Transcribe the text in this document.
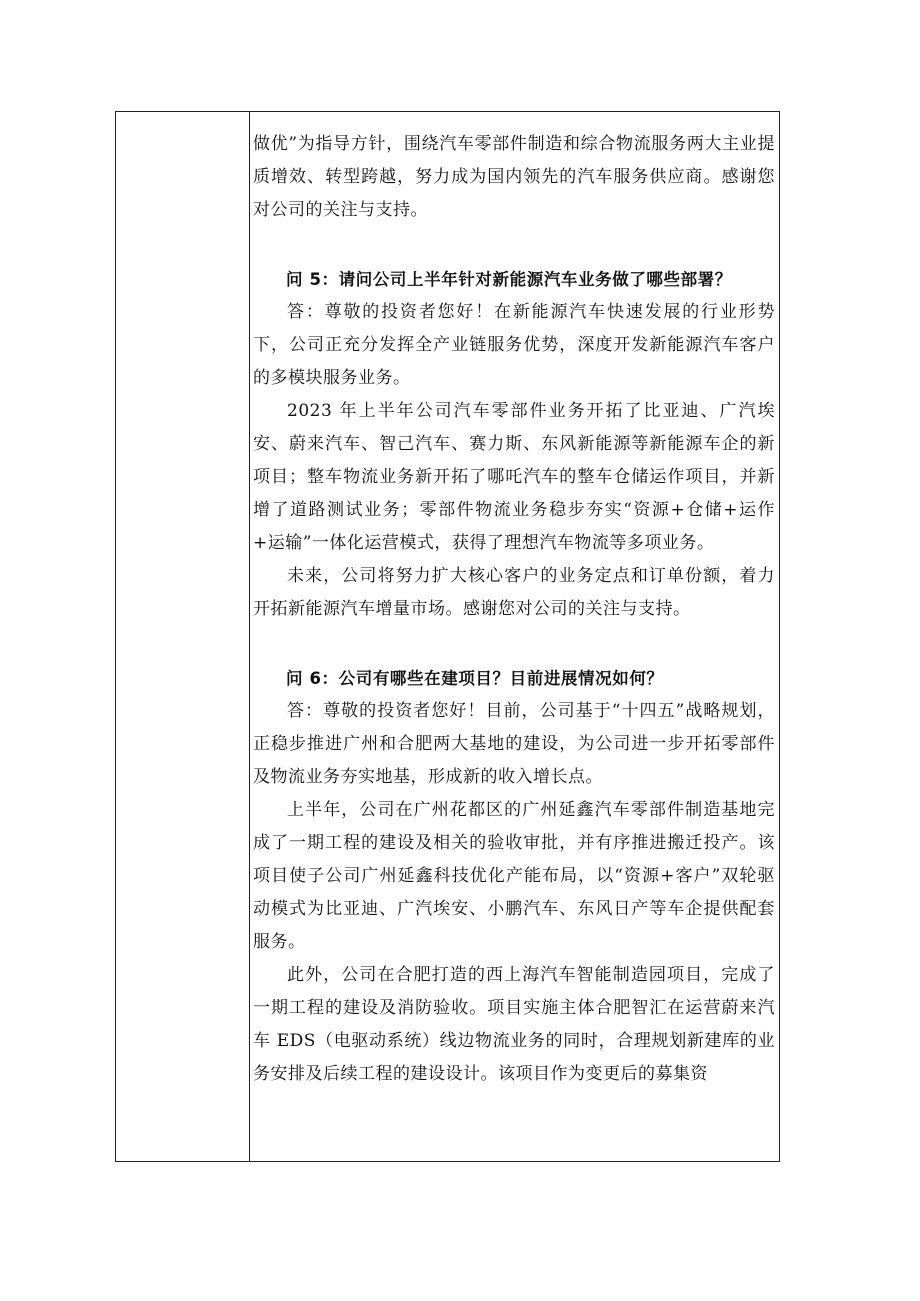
做优”为指导方针，围绕汽车零部件制造和综合物流服务两大主业提质增效、转型跨越，努力成为国内领先的汽车服务供应商。感谢您对公司的关注与支持。

问 5：请问公司上半年针对新能源汽车业务做了哪些部署？

答：尊敬的投资者您好！在新能源汽车快速发展的行业形势下，公司正充分发挥全产业链服务优势，深度开发新能源汽车客户的多模块服务业务。

2023 年上半年公司汽车零部件业务开拓了比亚迪、广汽埃安、蔚来汽车、智己汽车、赛力斯、东风新能源等新能源车企的新项目；整车物流业务新开拓了哪吒汽车的整车仓储运作项目，并新增了道路测试业务；零部件物流业务稳步夯实“资源+仓储+运作+运输”一体化运营模式，获得了理想汽车物流等多项业务。

未来，公司将努力扩大核心客户的业务定点和订单份额，着力开拓新能源汽车增量市场。感谢您对公司的关注与支持。

问 6：公司有哪些在建项目？目前进展情况如何？

答：尊敬的投资者您好！目前，公司基于“十四五”战略规划，正稳步推进广州和合肥两大基地的建设，为公司进一步开拓零部件及物流业务夯实地基，形成新的收入增长点。

上半年，公司在广州花都区的广州延鑫汽车零部件制造基地完成了一期工程的建设及相关的验收审批，并有序推进搬迁投产。该项目使子公司广州延鑫科技优化产能布局，以“资源+客户”双轮驱动模式为比亚迪、广汽埃安、小鹏汽车、东风日产等车企提供配套服务。

此外，公司在合肥打造的西上海汽车智能制造园项目，完成了一期工程的建设及消防验收。项目实施主体合肥智汇在运营蔚来汽车 EDS（电驱动系统）线边物流业务的同时，合理规划新建库的业务安排及后续工程的建设设计。该项目作为变更后的募集资
